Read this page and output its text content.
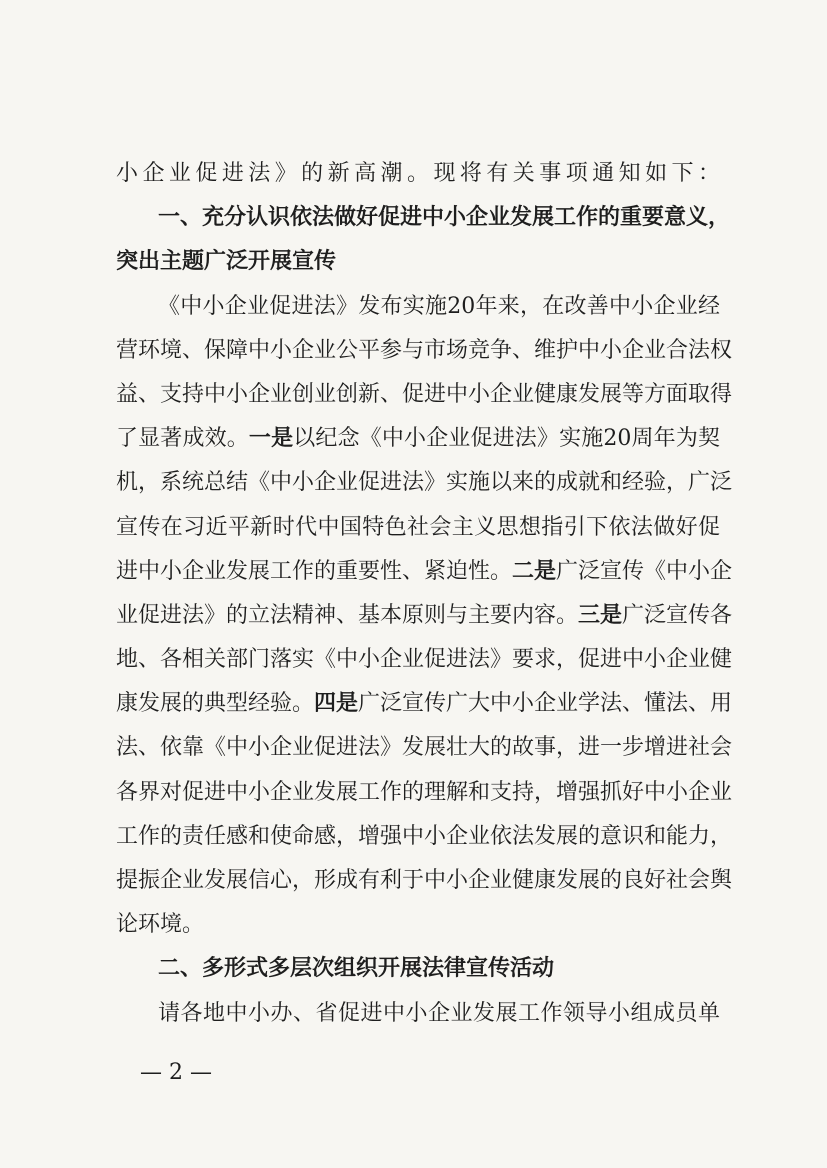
小企业促进法》的新高潮。现将有关事项通知如下：
一、充分认识依法做好促进中小企业发展工作的重要意义，
突出主题广泛开展宣传
《中小企业促进法》发布实施20年来，在改善中小企业经
营环境、保障中小企业公平参与市场竞争、维护中小企业合法权
益、支持中小企业创业创新、促进中小企业健康发展等方面取得
了显著成效。一是以纪念《中小企业促进法》实施20周年为契
机，系统总结《中小企业促进法》实施以来的成就和经验，广泛
宣传在习近平新时代中国特色社会主义思想指引下依法做好促
进中小企业发展工作的重要性、紧迫性。二是广泛宣传《中小企
业促进法》的立法精神、基本原则与主要内容。三是广泛宣传各
地、各相关部门落实《中小企业促进法》要求，促进中小企业健
康发展的典型经验。四是广泛宣传广大中小企业学法、懂法、用
法、依靠《中小企业促进法》发展壮大的故事，进一步增进社会
各界对促进中小企业发展工作的理解和支持，增强抓好中小企业
工作的责任感和使命感，增强中小企业依法发展的意识和能力，
提振企业发展信心，形成有利于中小企业健康发展的良好社会舆
论环境。
二、多形式多层次组织开展法律宣传活动
请各地中小办、省促进中小企业发展工作领导小组成员单
— 2 —
